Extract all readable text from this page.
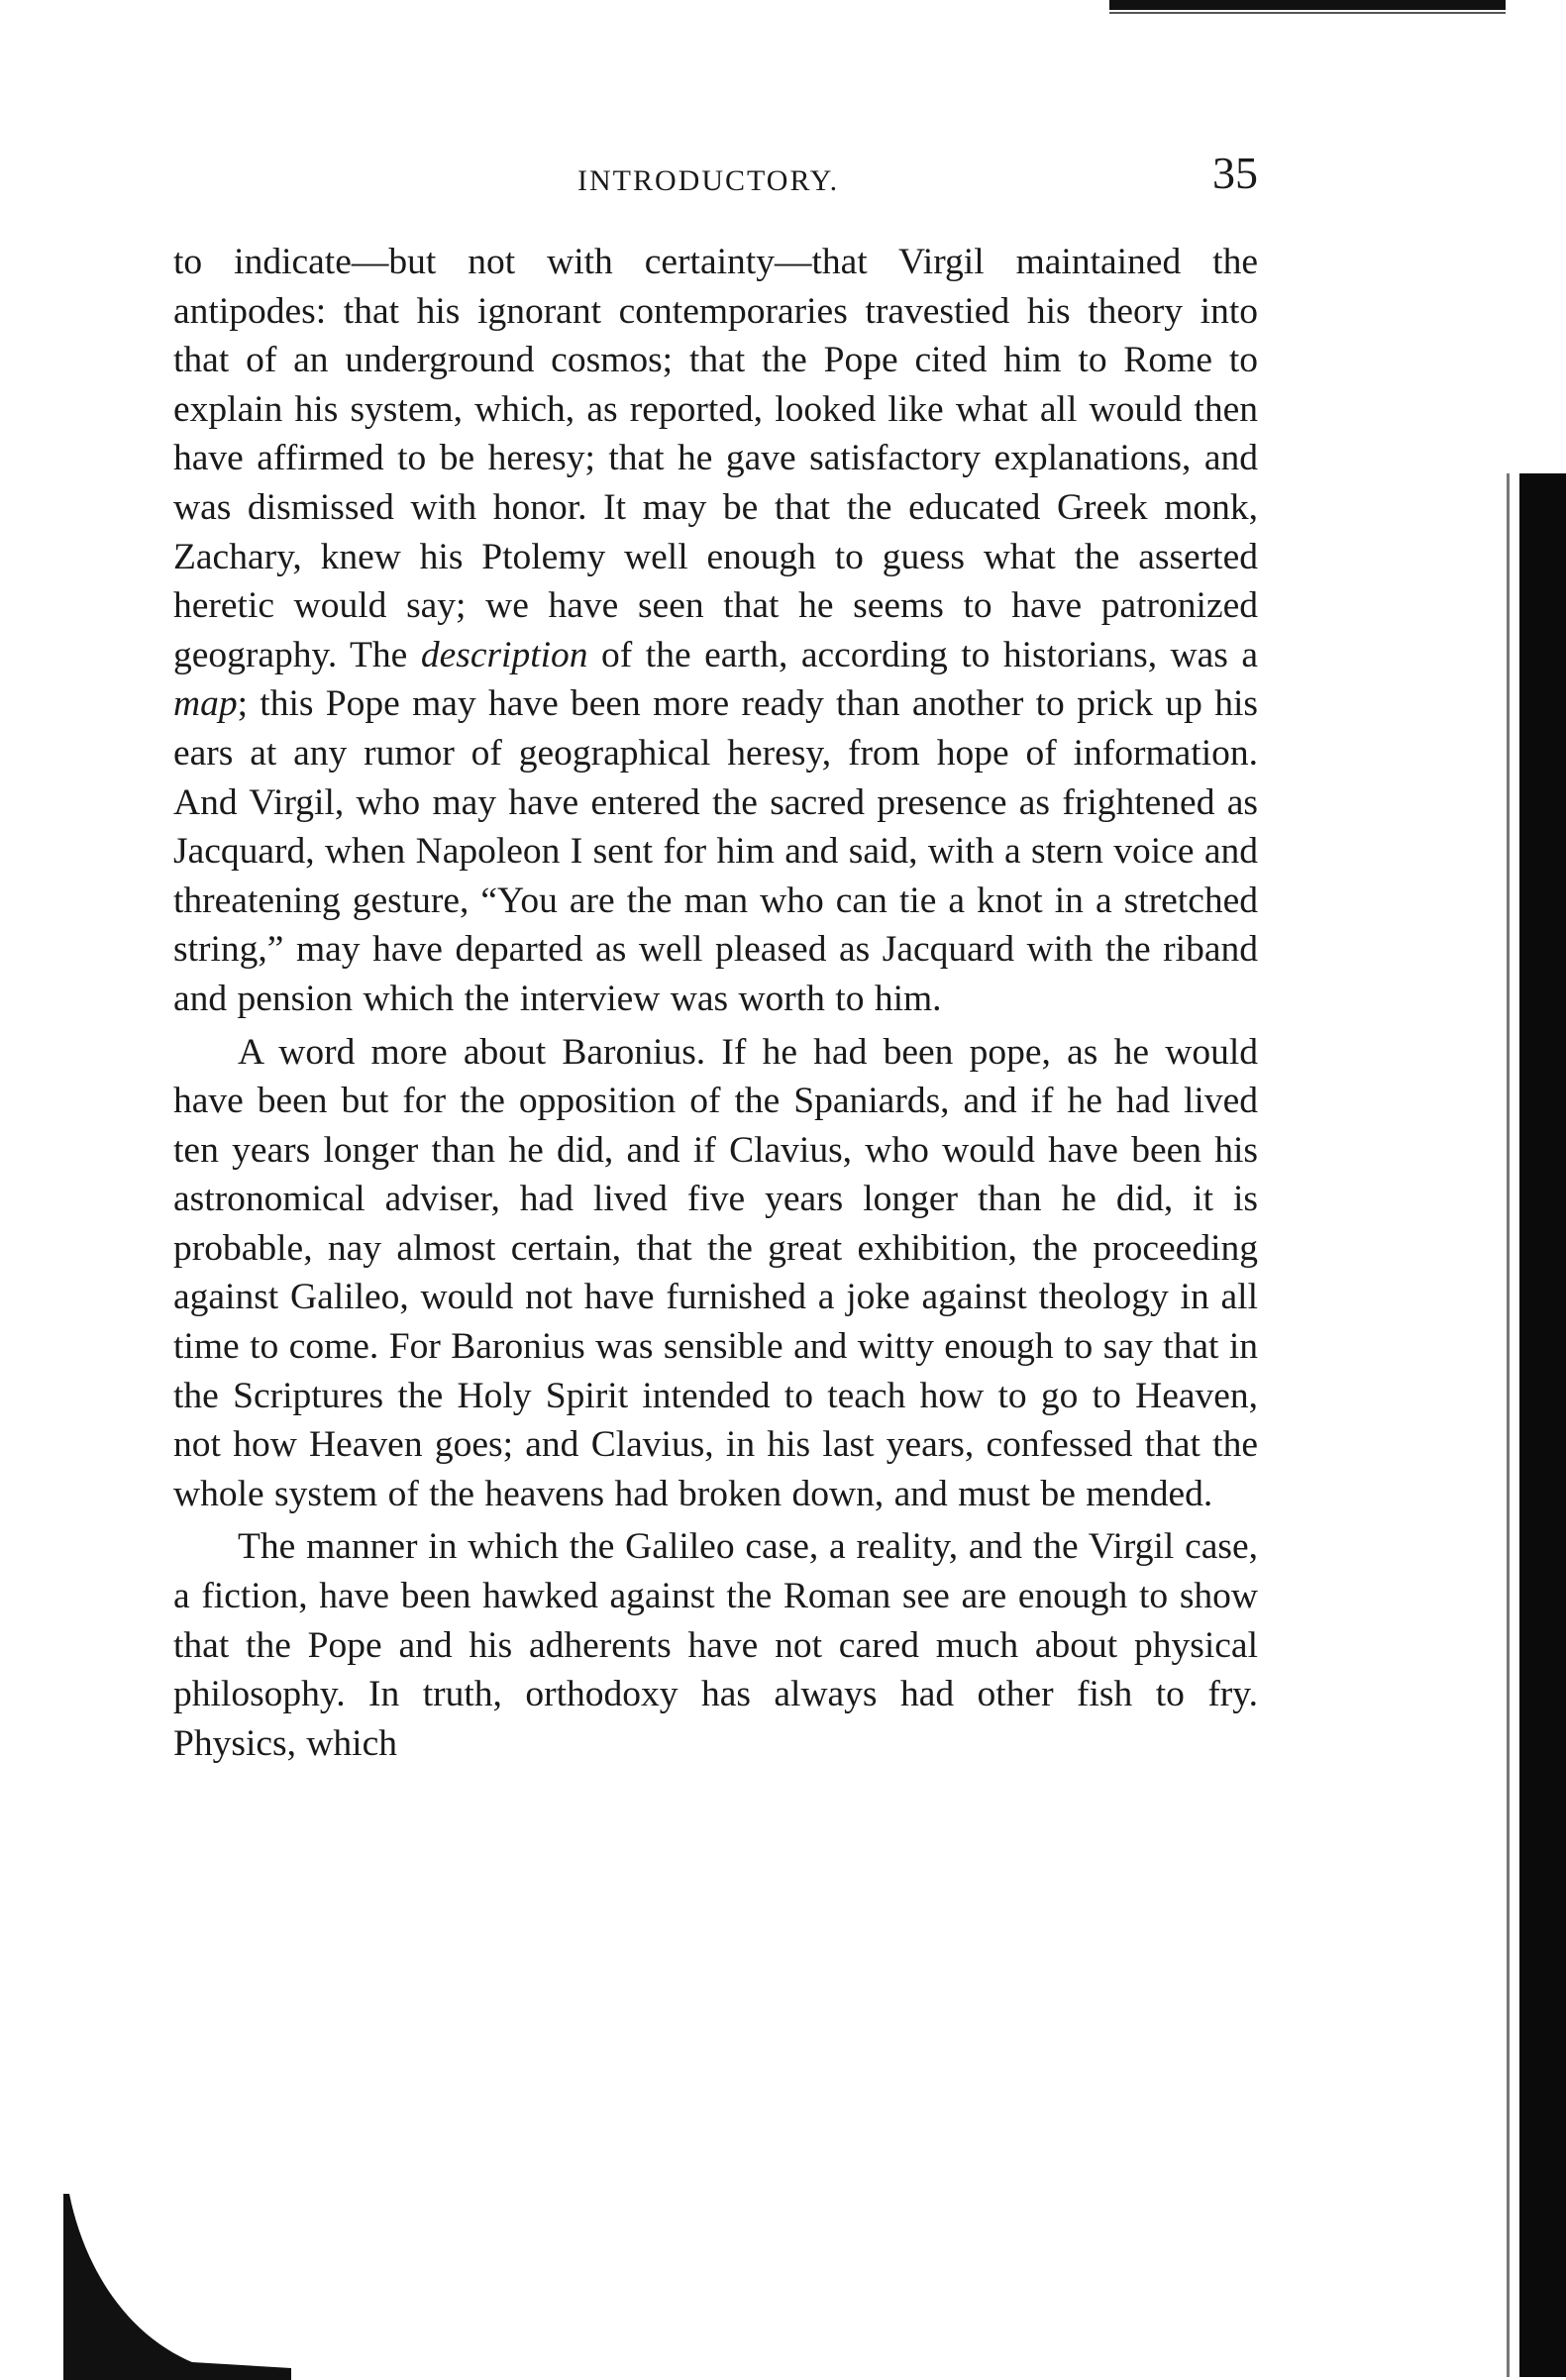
INTRODUCTORY.	35

to indicate—but not with certainty—that Virgil maintained the antipodes: that his ignorant contemporaries travestied his theory into that of an underground cosmos; that the Pope cited him to Rome to explain his system, which, as reported, looked like what all would then have affirmed to be heresy; that he gave satisfactory explanations, and was dismissed with honor. It may be that the educated Greek monk, Zachary, knew his Ptolemy well enough to guess what the asserted heretic would say; we have seen that he seems to have patronized geography. The description of the earth, according to historians, was a map; this Pope may have been more ready than another to prick up his ears at any rumor of geographical heresy, from hope of information. And Virgil, who may have entered the sacred presence as frightened as Jacquard, when Napoleon I sent for him and said, with a stern voice and threatening gesture, “You are the man who can tie a knot in a stretched string,” may have departed as well pleased as Jacquard with the riband and pension which the interview was worth to him.

A word more about Baronius. If he had been pope, as he would have been but for the opposition of the Spaniards, and if he had lived ten years longer than he did, and if Clavius, who would have been his astronomical adviser, had lived five years longer than he did, it is probable, nay almost certain, that the great exhibition, the proceeding against Galileo, would not have furnished a joke against theology in all time to come. For Baronius was sensible and witty enough to say that in the Scriptures the Holy Spirit intended to teach how to go to Heaven, not how Heaven goes; and Clavius, in his last years, confessed that the whole system of the heavens had broken down, and must be mended.

The manner in which the Galileo case, a reality, and the Virgil case, a fiction, have been hawked against the Roman see are enough to show that the Pope and his adherents have not cared much about physical philosophy. In truth, orthodoxy has always had other fish to fry. Physics, which
